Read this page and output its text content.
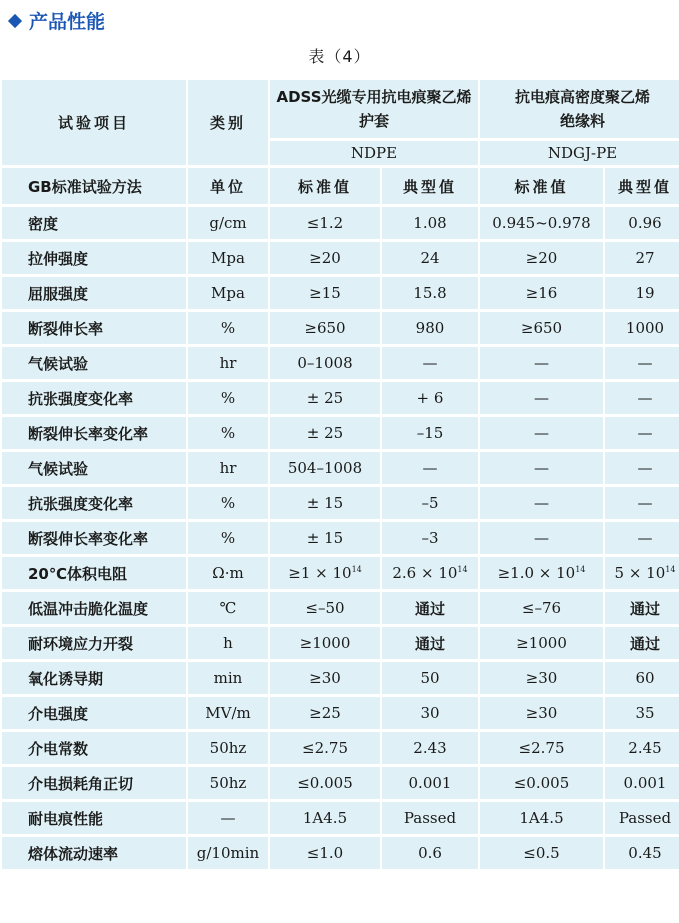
产品性能
表（4）
试验项目	类别	ADSS光缆专用抗电痕聚乙烯护套		抗电痕高密度聚乙烯绝缘料	
		NDPE		NDGJ-PE	
GB标准试验方法	单位	标准值	典型值	标准值	典型值
密度	g/cm	≤1.2	1.08	0.945~0.978	0.96
拉伸强度	Mpa	≥20	24	≥20	27
屈服强度	Mpa	≥15	15.8	≥16	19
断裂伸长率	%	≥650	980	≥650	1000
气候试验	hr	0–1008	—	—	—
抗张强度变化率	%	± 25	+ 6	—	—
断裂伸长率变化率	%	± 25	–15	—	—
气候试验	hr	504–1008	—	—	—
抗张强度变化率	%	± 15	–5	—	—
断裂伸长率变化率	%	± 15	–3	—	—
20℃体积电阻	Ω·m	$\ge 1 \times 10^{14}$	$2.6 \times 10^{14}$	$\ge 1.0 \times 10^{14}$	$5 \times 10^{14}$
低温冲击脆化温度	℃	≤–50	通过	≤–76	通过
耐环境应力开裂	h	≥1000	通过	≥1000	通过
氧化诱导期	min	≥30	50	≥30	60
介电强度	MV/m	≥25	30	≥30	35
介电常数	50hz	≤2.75	2.43	≤2.75	2.45
介电损耗角正切	50hz	≤0.005	0.001	≤0.005	0.001
耐电痕性能	—	1A4.5	Passed	1A4.5	Passed
熔体流动速率	g/10min	≤1.0	0.6	≤0.5	0.45
